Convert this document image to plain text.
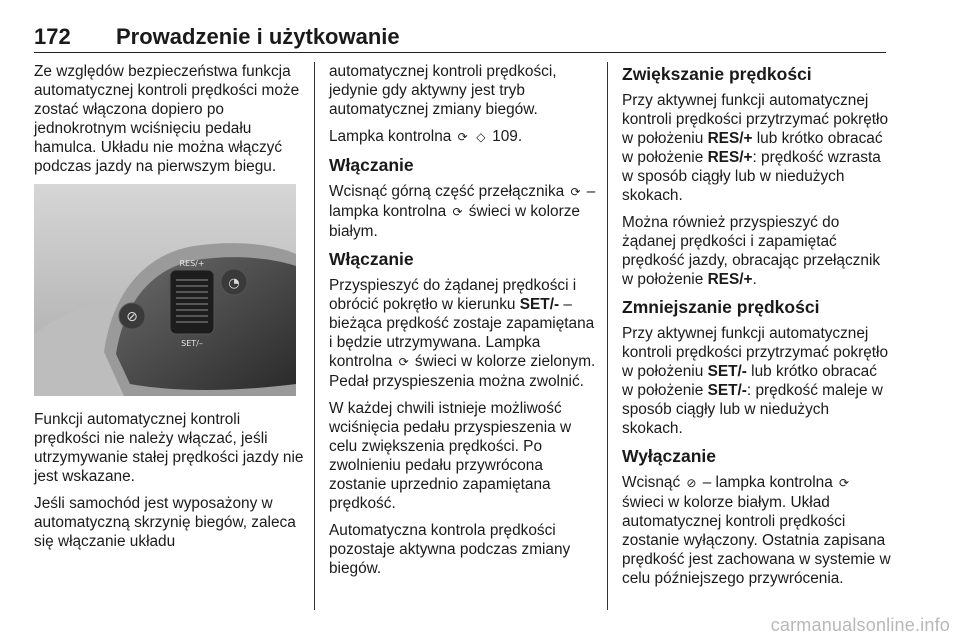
172 Prowadzenie i użytkowanie

Ze względów bezpieczeństwa funkcja automatycznej kontroli prędkości może zostać włączona dopiero po jednokrotnym wciśnięciu pedału hamulca. Układu nie można włączyć podczas jazdy na pierwszym biegu.

⊘
◔
RES/+
SET/–

Funkcji automatycznej kontroli prędkości nie należy włączać, jeśli utrzymywanie stałej prędkości jazdy nie jest wskazane.

Jeśli samochód jest wyposażony w automatyczną skrzynię biegów, zaleca się włączanie układu

automatycznej kontroli prędkości, jedynie gdy aktywny jest tryb automatycznej zmiany biegów.

Lampka kontrolna ⟳ ◇ 109.

Włączanie

Wcisnąć górną część przełącznika ⟳ – lampka kontrolna ⟳ świeci w kolorze białym.

Włączanie

Przyspieszyć do żądanej prędkości i obrócić pokrętło w kierunku SET/- – bieżąca prędkość zostaje zapamiętana i będzie utrzymywana. Lampka kontrolna ⟳ świeci w kolorze zielonym. Pedał przyspieszenia można zwolnić.

W każdej chwili istnieje możliwość wciśnięcia pedału przyspieszenia w celu zwiększenia prędkości. Po zwolnieniu pedału przywrócona zostanie uprzednio zapamiętana prędkość.

Automatyczna kontrola prędkości pozostaje aktywna podczas zmiany biegów.

Zwiększanie prędkości

Przy aktywnej funkcji automatycznej kontroli prędkości przytrzymać pokrętło w położeniu RES/+ lub krótko obracać w położenie RES/+: prędkość wzrasta w sposób ciągły lub w niedużych skokach.

Można również przyspieszyć do żądanej prędkości i zapamiętać prędkość jazdy, obracając przełącznik w położenie RES/+.

Zmniejszanie prędkości

Przy aktywnej funkcji automatycznej kontroli prędkości przytrzymać pokrętło w położeniu SET/- lub krótko obracać w położenie SET/-: prędkość maleje w sposób ciągły lub w niedużych skokach.

Wyłączanie

Wcisnąć ⊘ – lampka kontrolna ⟳ świeci w kolorze białym. Układ automatycznej kontroli prędkości zostanie wyłączony. Ostatnia zapisana prędkość jest zachowana w systemie w celu późniejszego przywrócenia.

carmanualsonline.info
